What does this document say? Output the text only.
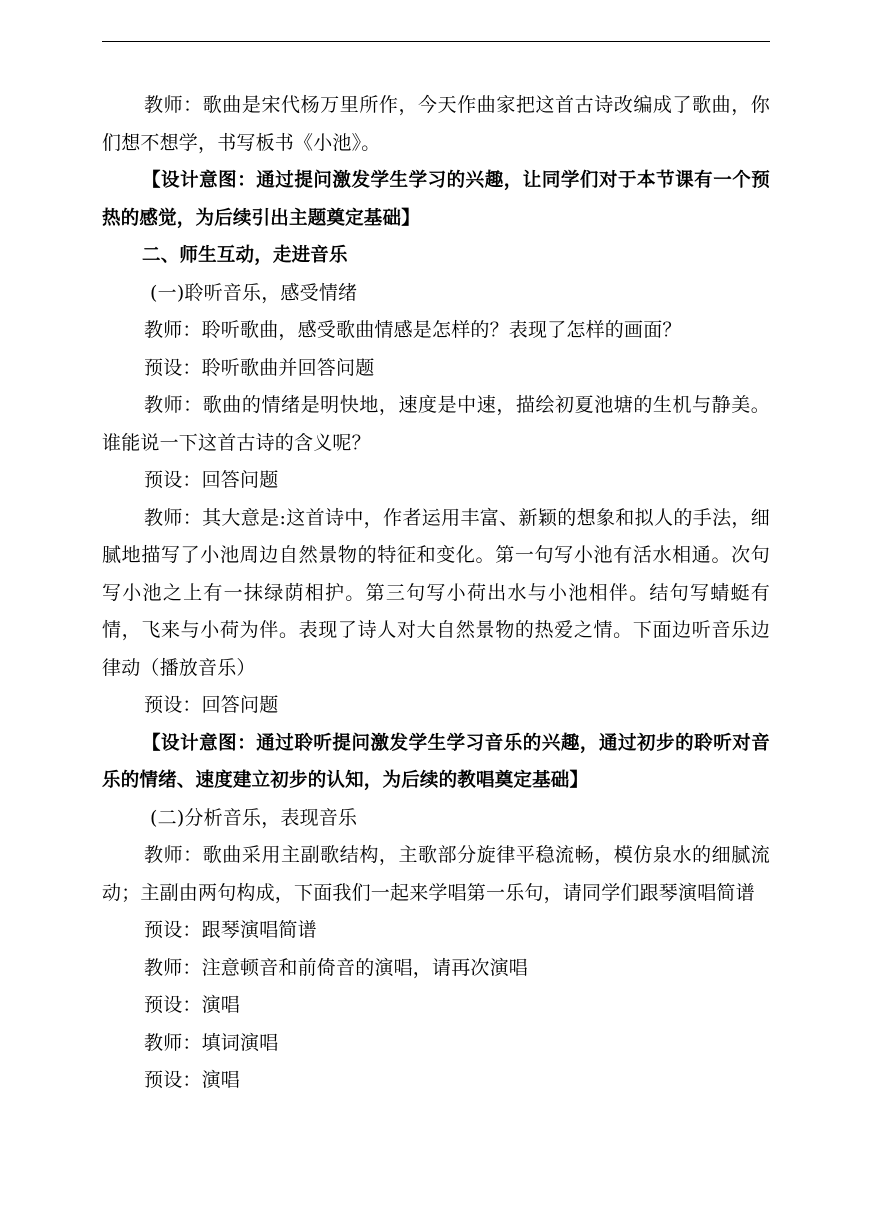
教师：歌曲是宋代杨万里所作，今天作曲家把这首古诗改编成了歌曲，你们想不想学，书写板书《小池》。

【设计意图：通过提问激发学生学习的兴趣，让同学们对于本节课有一个预热的感觉，为后续引出主题奠定基础】

二、师生互动，走进音乐

(一)聆听音乐，感受情绪

教师：聆听歌曲，感受歌曲情感是怎样的？表现了怎样的画面？

预设：聆听歌曲并回答问题

教师：歌曲的情绪是明快地，速度是中速，描绘初夏池塘的生机与静美。谁能说一下这首古诗的含义呢？

预设：回答问题

教师：其大意是:这首诗中，作者运用丰富、新颖的想象和拟人的手法，细腻地描写了小池周边自然景物的特征和变化。第一句写小池有活水相通。次句写小池之上有一抹绿荫相护。第三句写小荷出水与小池相伴。结句写蜻蜓有情，飞来与小荷为伴。表现了诗人对大自然景物的热爱之情。下面边听音乐边律动（播放音乐）

预设：回答问题

【设计意图：通过聆听提问激发学生学习音乐的兴趣，通过初步的聆听对音乐的情绪、速度建立初步的认知，为后续的教唱奠定基础】

(二)分析音乐，表现音乐

教师：歌曲采用主副歌结构，主歌部分旋律平稳流畅，模仿泉水的细腻流动；主副由两句构成，下面我们一起来学唱第一乐句，请同学们跟琴演唱简谱

预设：跟琴演唱简谱

教师：注意顿音和前倚音的演唱，请再次演唱

预设：演唱

教师：填词演唱

预设：演唱
